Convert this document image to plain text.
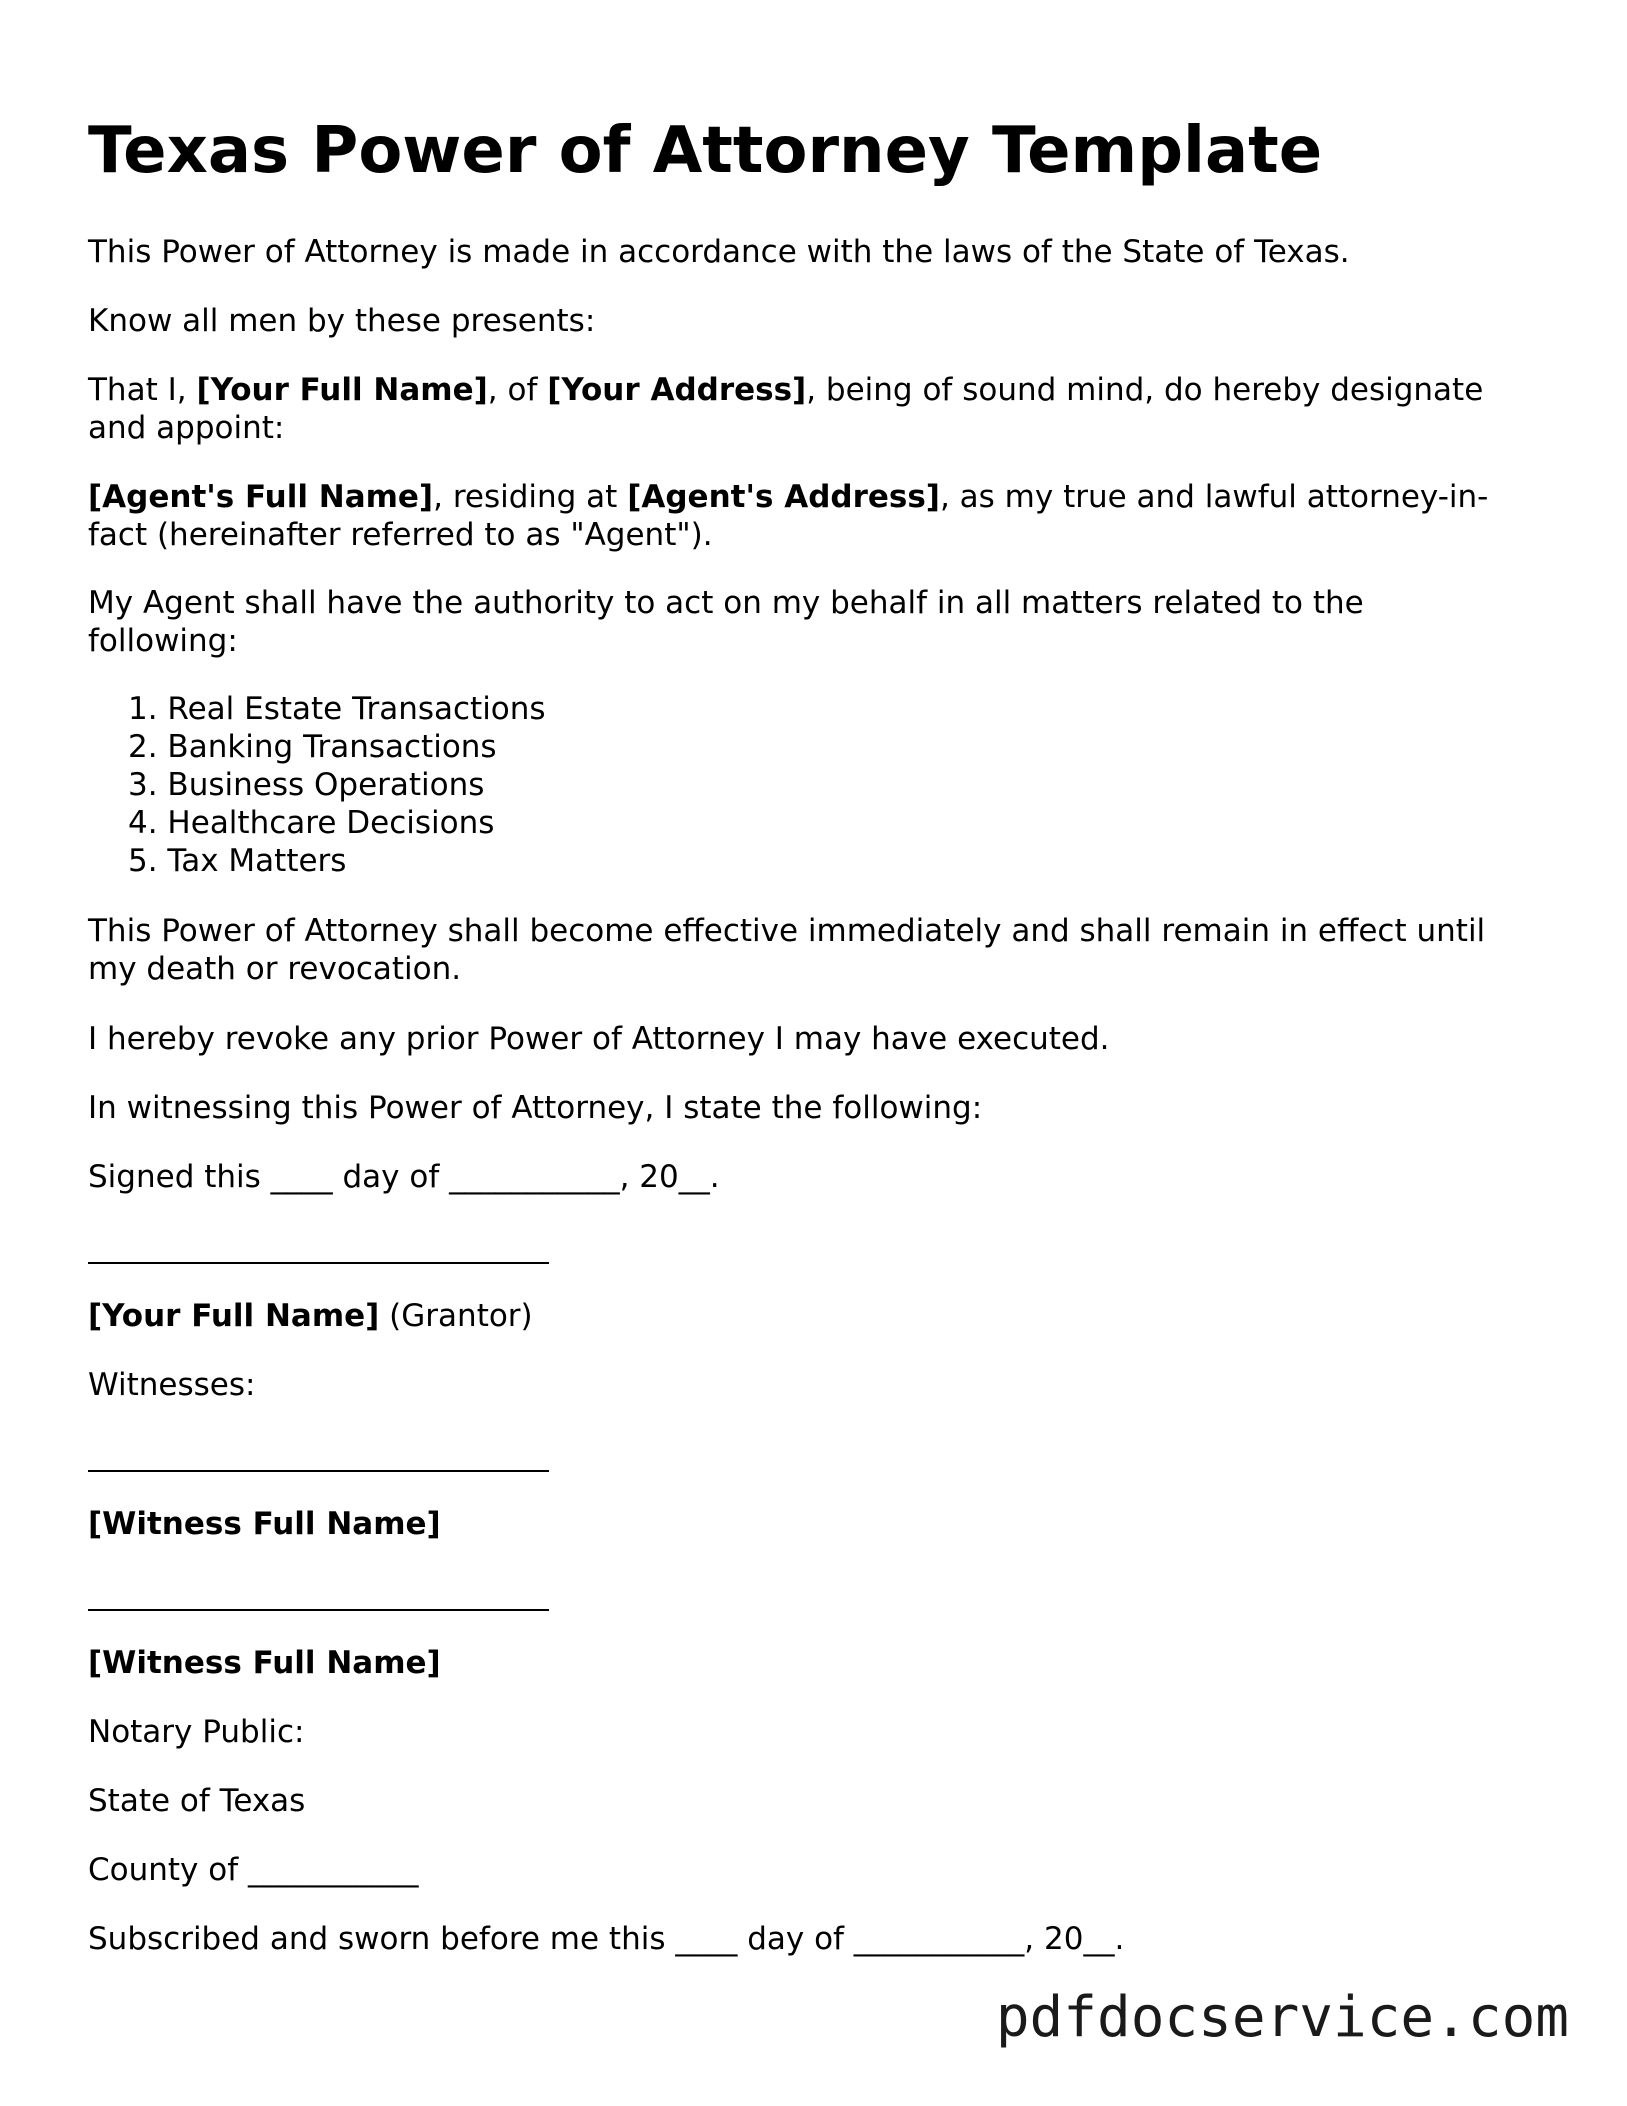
Texas Power of Attorney Template

This Power of Attorney is made in accordance with the laws of the State of Texas.

Know all men by these presents:

That I, [Your Full Name], of [Your Address], being of sound mind, do hereby designate
and appoint:
[Agent's Full Name], residing at [Agent's Address], as my true and lawful attorney-in-
fact (hereinafter referred to as "Agent").
My Agent shall have the authority to act on my behalf in all matters related to the
following:
1. Real Estate Transactions
2. Banking Transactions
3. Business Operations
4. Healthcare Decisions
5. Tax Matters
This Power of Attorney shall become effective immediately and shall remain in effect until
my death or revocation.

I hereby revoke any prior Power of Attorney I may have executed.

In witnessing this Power of Attorney, I state the following:

Signed this ____ day of ___________, 20__.

[Your Full Name] (Grantor)

Witnesses:

[Witness Full Name]

[Witness Full Name]

Notary Public:

State of Texas

County of ___________

Subscribed and sworn before me this ____ day of ___________, 20__.

pdfdocservice.com
